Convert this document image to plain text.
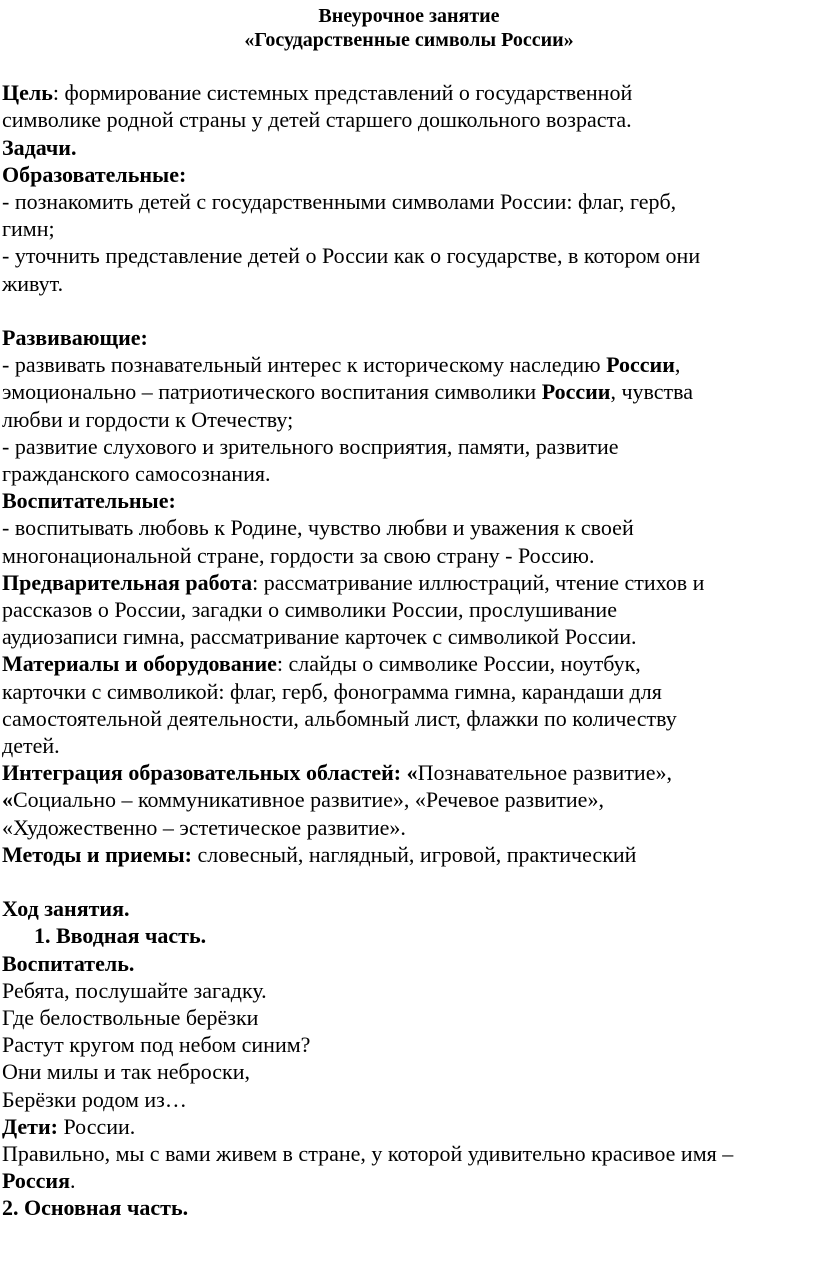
Внеурочное занятие

«Государственные символы России»

Цель: формирование системных представлений о государственной

символике родной страны у детей старшего дошкольного возраста.

Задачи.

Образовательные:

- познакомить детей с государственными символами России: флаг, герб,

гимн;

- уточнить представление детей о России как о государстве, в котором они

живут.

Развивающие:

- развивать познавательный интерес к историческому наследию России,

эмоционально – патриотического воспитания символики России, чувства

любви и гордости к Отечеству;

- развитие слухового и зрительного восприятия, памяти, развитие

гражданского самосознания.

Воспитательные:

- воспитывать любовь к Родине, чувство любви и уважения к своей

многонациональной стране, гордости за свою страну - Россию.

Предварительная работа: рассматривание иллюстраций, чтение стихов и

рассказов о России, загадки о символики России, прослушивание

аудиозаписи гимна, рассматривание карточек с символикой России.

Материалы и оборудование: слайды о символике России, ноутбук,

карточки с символикой: флаг, герб, фонограмма гимна, карандаши для

самостоятельной деятельности, альбомный лист, флажки по количеству

детей.

Интеграция образовательных областей: «Познавательное развитие»,

«Социально – коммуникативное развитие», «Речевое развитие»,

«Художественно – эстетическое развитие».

Методы и приемы: словесный, наглядный, игровой, практический

Ход занятия.

1. Вводная часть.

Воспитатель.

Ребята, послушайте загадку.

Где белоствольные берёзки

Растут кругом под небом синим?

Они милы и так неброски,

Берёзки родом из…

Дети: России.

Правильно, мы с вами живем в стране, у которой удивительно красивое имя –

Россия.

2. Основная часть.
